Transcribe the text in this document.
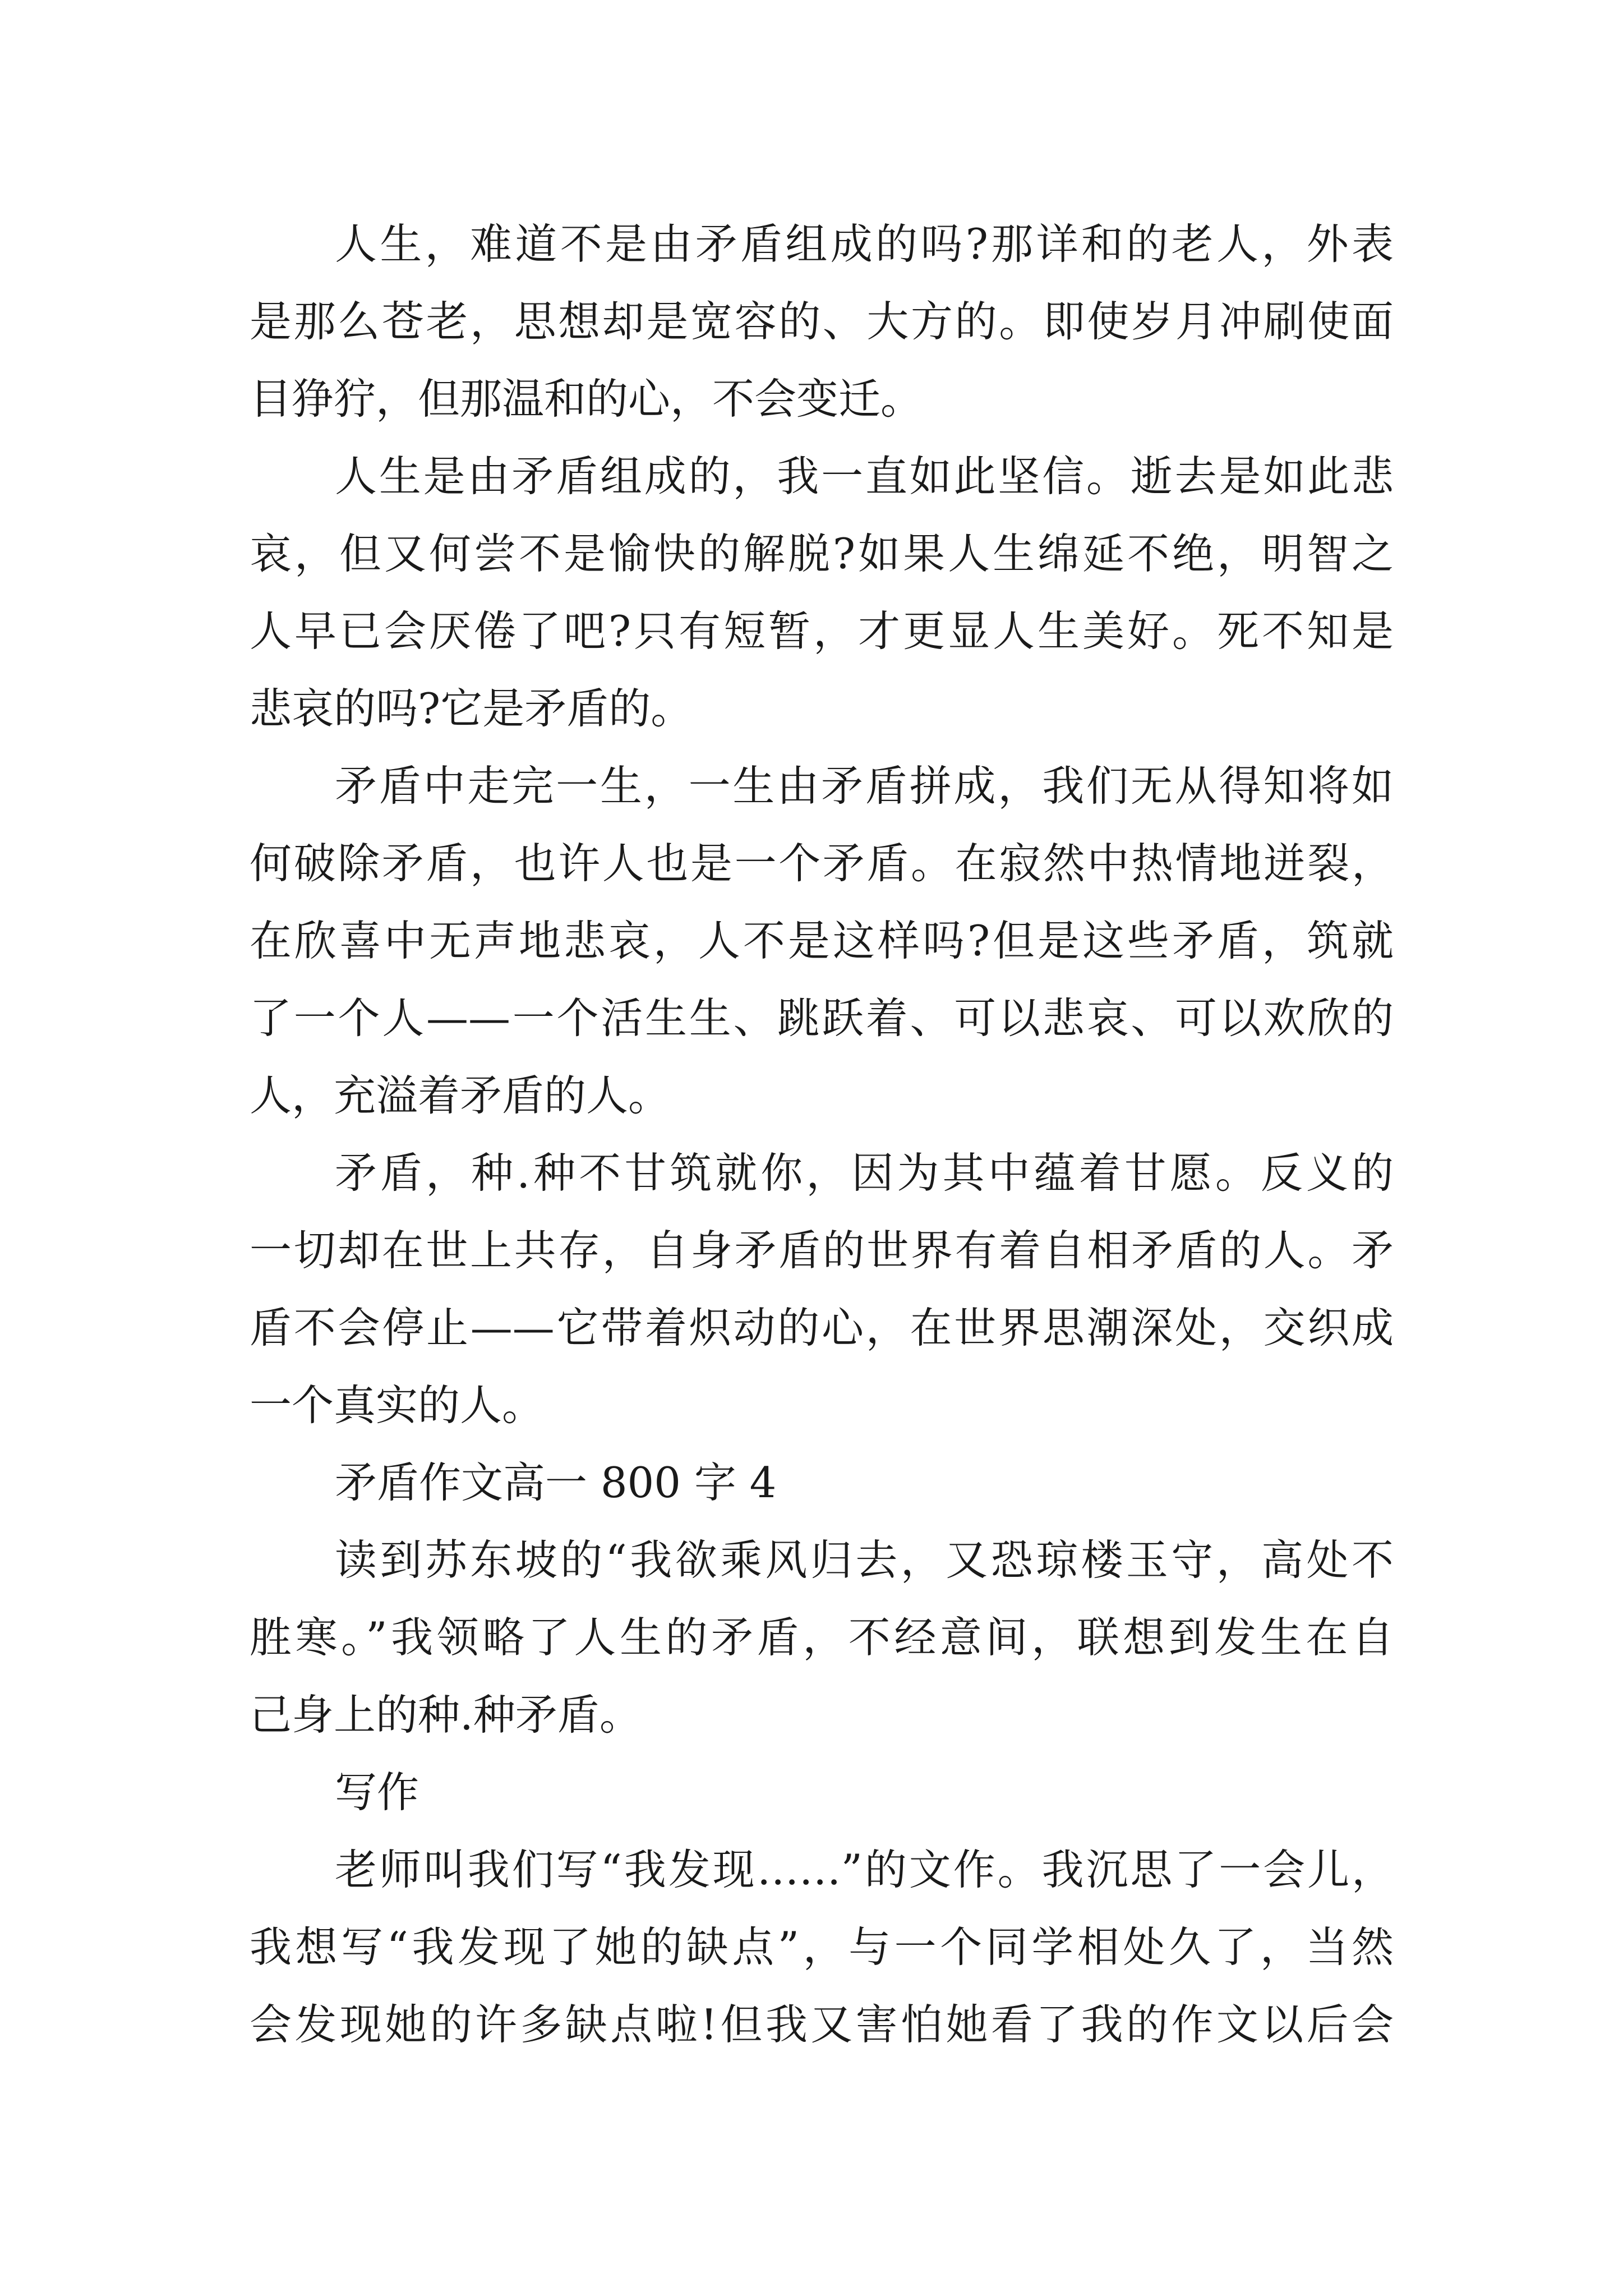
人生，难道不是由矛盾组成的吗?那详和的老人，外表
是那么苍老，思想却是宽容的、大方的。即使岁月冲刷使面
目狰狞，但那温和的心，不会变迁。
人生是由矛盾组成的，我一直如此坚信。逝去是如此悲
哀，但又何尝不是愉快的解脱?如果人生绵延不绝，明智之
人早已会厌倦了吧?只有短暂，才更显人生美好。死不知是
悲哀的吗?它是矛盾的。
矛盾中走完一生，一生由矛盾拼成，我们无从得知将如
何破除矛盾，也许人也是一个矛盾。在寂然中热情地迸裂，
在欣喜中无声地悲哀，人不是这样吗?但是这些矛盾，筑就
了一个人——一个活生生、跳跃着、可以悲哀、可以欢欣的
人，充溢着矛盾的人。
矛盾，种.种不甘筑就你，因为其中蕴着甘愿。反义的
一切却在世上共存，自身矛盾的世界有着自相矛盾的人。矛
盾不会停止——它带着炽动的心，在世界思潮深处，交织成
一个真实的人。
矛盾作文高一 800 字 4
读到苏东坡的“我欲乘风归去，又恐琼楼玉守，高处不
胜寒。”我领略了人生的矛盾，不经意间，联想到发生在自
己身上的种.种矛盾。
写作
老师叫我们写“我发现……”的文作。我沉思了一会儿，
我想写“我发现了她的缺点”，与一个同学相处久了，当然
会发现她的许多缺点啦!但我又害怕她看了我的作文以后会
